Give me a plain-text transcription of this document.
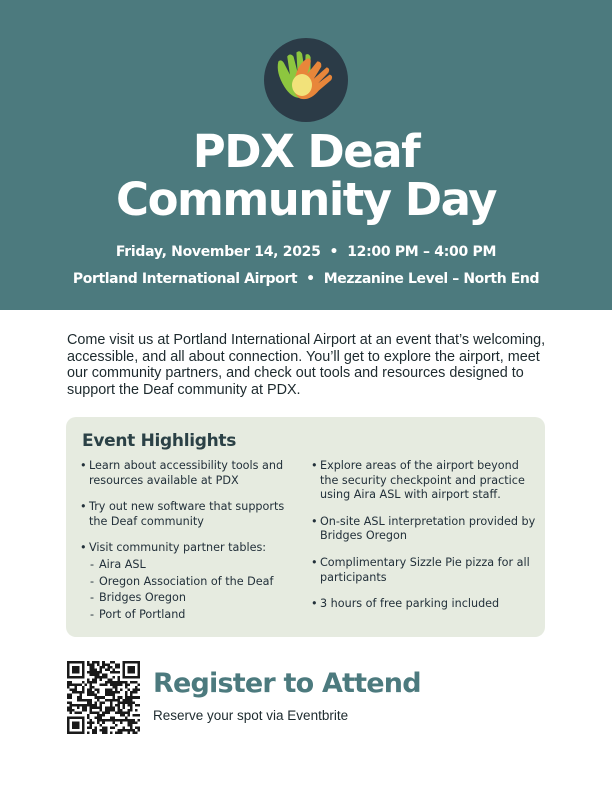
PDX Deaf
Community Day
Friday, November 14, 2025 • 12:00 PM – 4:00 PM
Portland International Airport • Mezzanine Level – North End

Come visit us at Portland International Airport at an event that’s welcoming, accessible, and all about connection. You’ll get to explore the airport, meet our community partners, and check out tools and resources designed to support the Deaf community at PDX.

Event Highlights
• Learn about accessibility tools and resources available at PDX
• Try out new software that supports the Deaf community
• Visit community partner tables:
- Aira ASL
- Oregon Association of the Deaf
- Bridges Oregon
- Port of Portland
• Explore areas of the airport beyond the security checkpoint and practice using Aira ASL with airport staff.
• On-site ASL interpretation provided by Bridges Oregon
• Complimentary Sizzle Pie pizza for all participants
• 3 hours of free parking included
Register to Attend
Reserve your spot via Eventbrite
